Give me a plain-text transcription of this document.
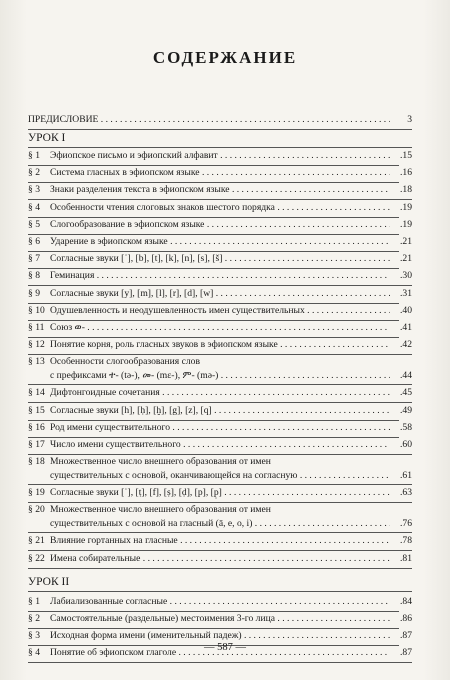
СОДЕРЖАНИЕ
ПРЕДИСЛОВИЕ . . .	3
УРОК I
§ 1	Эфиопское письмо и эфиопский алфавит . . .	.15
§ 2	Система гласных в эфиопском языке . . .	.16
§ 3	Знаки разделения текста в эфиопском языке . . .	.18
§ 4	Особенности чтения слоговых знаков шестого порядка . . .	.19
§ 5	Слогообразование в эфиопском языке . . .	.19
§ 6	Ударение в эфиопском языке . . .	.21
§ 7	Согласные звуки [ʾ], [b], [t], [k], [n], [s], [š] . . .	.21
§ 8	Геминация . . .	.30
§ 9	Согласные звуки [y], [m], [l], [r], [d], [w] . . .	.31
§ 10 Одушевленность и неодушевленность имен существительных . . .	.40
§ 11 Союз ወ- . . .	.41
§ 12 Понятие корня, роль гласных звуков в эфиопском языке . . .	.42
§ 13 Особенности слогообразования слов
с префиксами ተ- (tə-), መ- (mε-), ም- (mə-) . . .	.44
§ 14 Дифтонгоидные сочетания . . .	.45
§ 15 Согласные звуки [h], [ḥ], [ḫ], [g], [z], [q] . . .	.49
§ 16 Род имени существительного . . .	.58
§ 17 Число имени существительного . . .	.60
§ 18 Множественное число внешнего образования от имен
существительных с основой, оканчивающейся на согласную . . .	.61
§ 19 Согласные звуки [ʿ], [ṭ], [f], [ṣ], [ḍ], [p], [p̣] . . .	.63
§ 20 Множественное число внешнего образования от имен
существительных с основой на гласный (ā, e, o, i) . . .	.76
§ 21 Влияние гортанных на гласные . . .	.78
§ 22 Имена собирательные . . .	.81
УРОК II
§ 1	Лабиализованные согласные . . .	.84
§ 2	Самостоятельные (раздельные) местоимения 3-го лица . . .	.86
§ 3	Исходная форма имени (именительный падеж) . . .	.87
§ 4	Понятие об эфиопском глаголе . . .	.87
— 587 —
